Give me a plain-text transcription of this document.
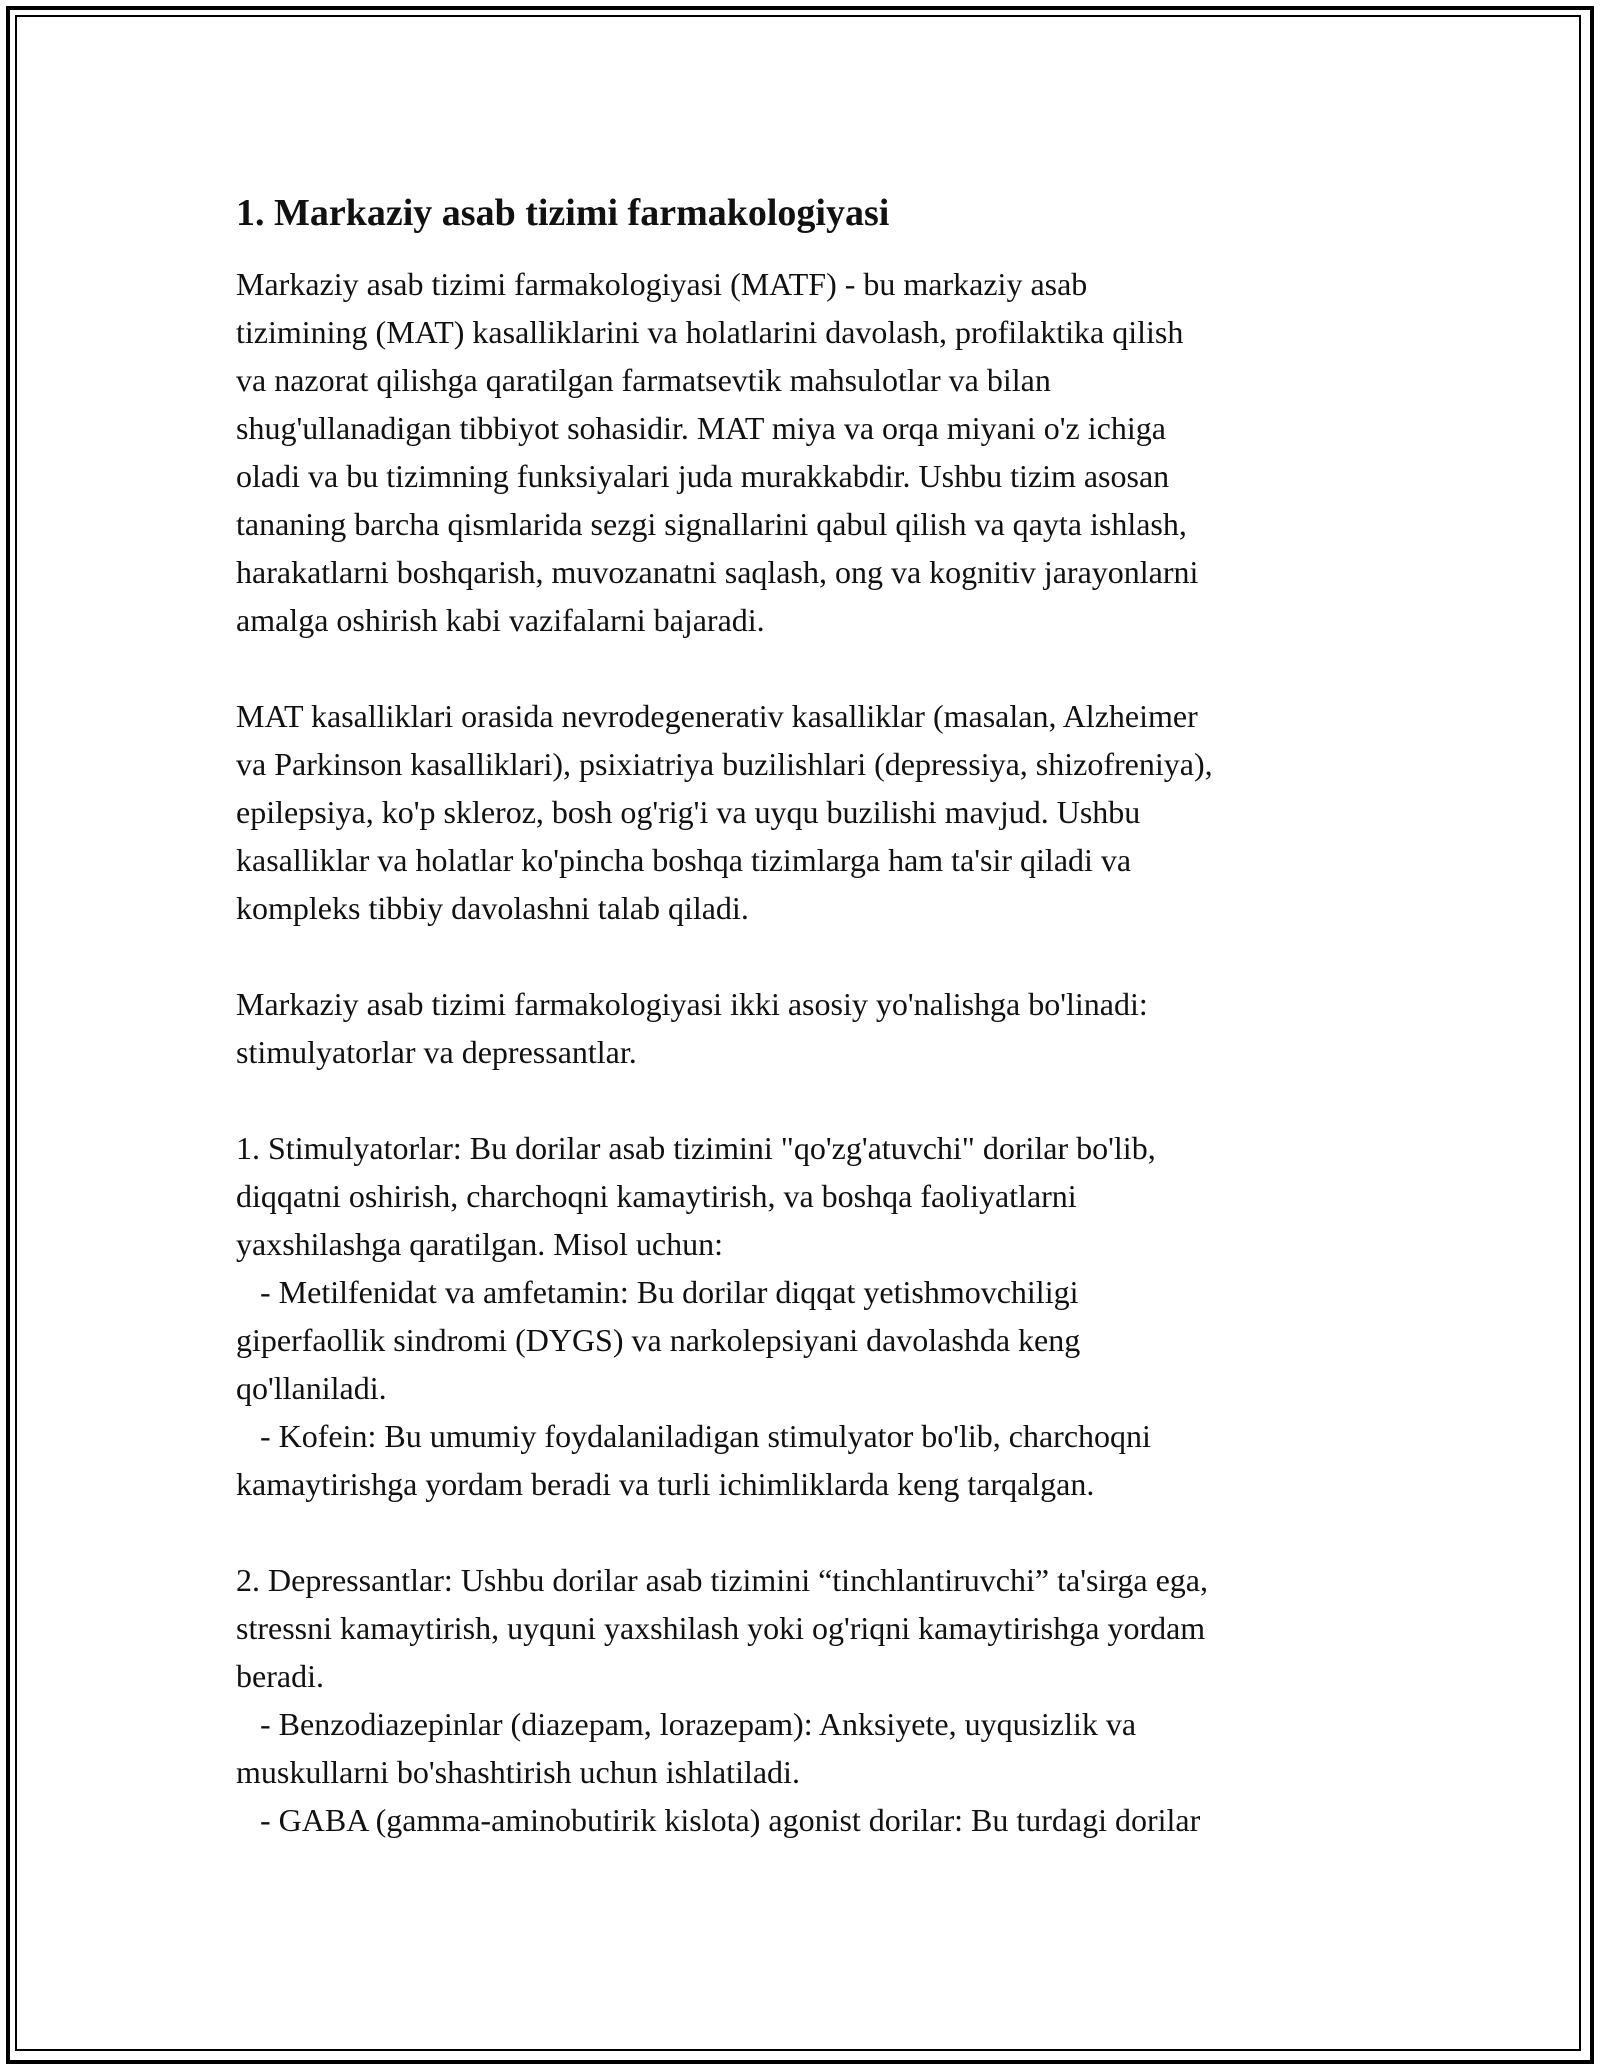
1. Markaziy asab tizimi farmakologiyasi
Markaziy asab tizimi farmakologiyasi (MATF) - bu markaziy asab
tizimining (MAT) kasalliklarini va holatlarini davolash, profilaktika qilish
va nazorat qilishga qaratilgan farmatsevtik mahsulotlar va bilan
shug'ullanadigan tibbiyot sohasidir. MAT miya va orqa miyani o'z ichiga
oladi va bu tizimning funksiyalari juda murakkabdir. Ushbu tizim asosan
tananing barcha qismlarida sezgi signallarini qabul qilish va qayta ishlash,
harakatlarni boshqarish, muvozanatni saqlash, ong va kognitiv jarayonlarni
amalga oshirish kabi vazifalarni bajaradi.
MAT kasalliklari orasida nevrodegenerativ kasalliklar (masalan, Alzheimer
va Parkinson kasalliklari), psixiatriya buzilishlari (depressiya, shizofreniya),
epilepsiya, ko'p skleroz, bosh og'rig'i va uyqu buzilishi mavjud. Ushbu
kasalliklar va holatlar ko'pincha boshqa tizimlarga ham ta'sir qiladi va
kompleks tibbiy davolashni talab qiladi.
Markaziy asab tizimi farmakologiyasi ikki asosiy yo'nalishga bo'linadi:
stimulyatorlar va depressantlar.
1. Stimulyatorlar: Bu dorilar asab tizimini "qo'zg'atuvchi" dorilar bo'lib,
diqqatni oshirish, charchoqni kamaytirish, va boshqa faoliyatlarni
yaxshilashga qaratilgan. Misol uchun:
- Metilfenidat va amfetamin: Bu dorilar diqqat yetishmovchiligi
giperfaollik sindromi (DYGS) va narkolepsiyani davolashda keng
qo'llaniladi.
- Kofein: Bu umumiy foydalaniladigan stimulyator bo'lib, charchoqni
kamaytirishga yordam beradi va turli ichimliklarda keng tarqalgan.
2. Depressantlar: Ushbu dorilar asab tizimini “tinchlantiruvchi” ta'sirga ega,
stressni kamaytirish, uyquni yaxshilash yoki og'riqni kamaytirishga yordam
beradi.
- Benzodiazepinlar (diazepam, lorazepam): Anksiyete, uyqusizlik va
muskullarni bo'shashtirish uchun ishlatiladi.
- GABA (gamma-aminobutirik kislota) agonist dorilar: Bu turdagi dorilar
